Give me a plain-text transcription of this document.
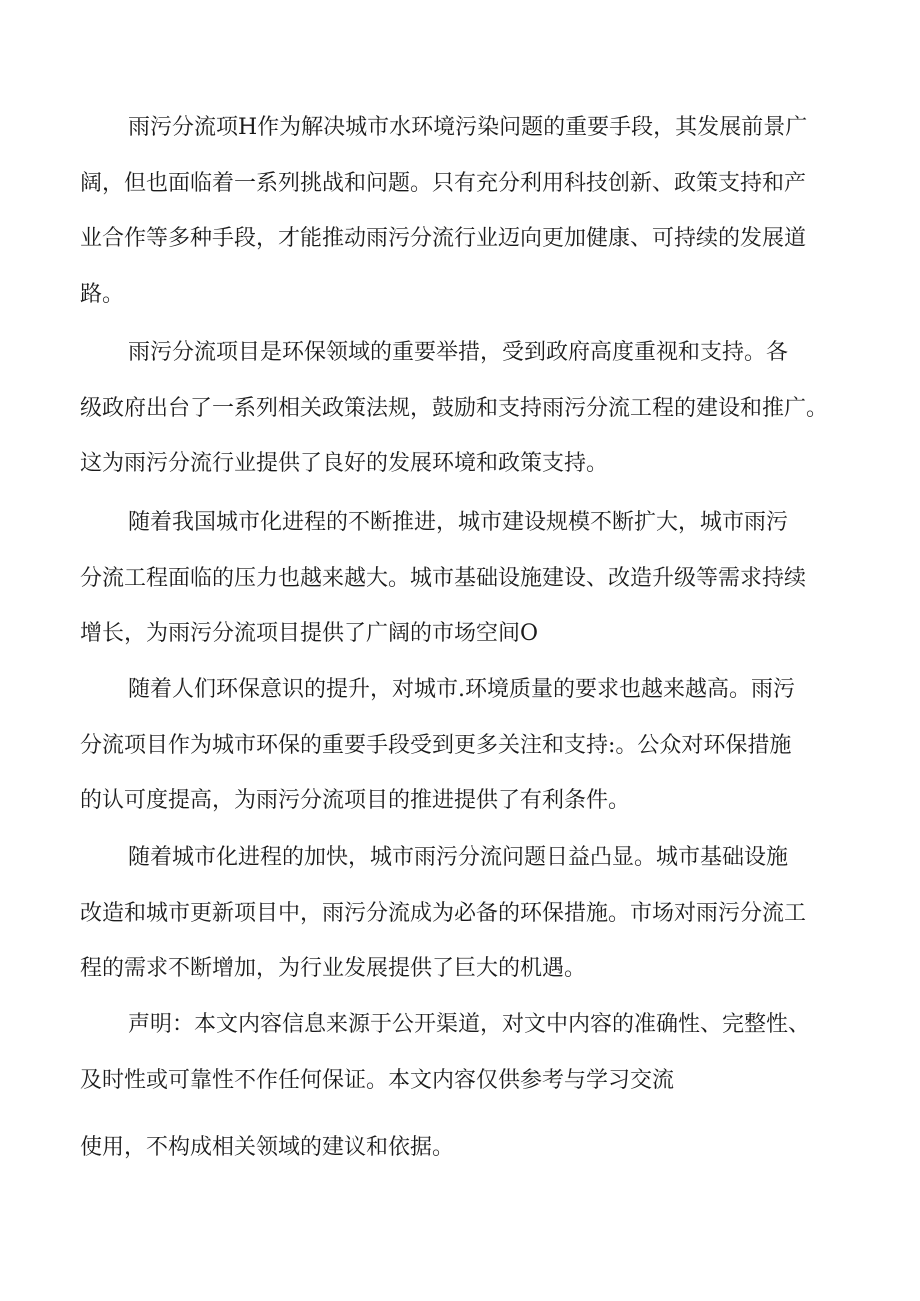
雨污分流项H作为解决城市水环境污染问题的重要手段，其发展前景广
阔，但也面临着一系列挑战和问题。只有充分利用科技创新、政策支持和产
业合作等多种手段，才能推动雨污分流行业迈向更加健康、可持续的发展道
路。

雨污分流项目是环保领域的重要举措，受到政府高度重视和支持。各
级政府出台了一系列相关政策法规，鼓励和支持雨污分流工程的建设和推广。
这为雨污分流行业提供了良好的发展环境和政策支持。

随着我国城市化进程的不断推进，城市建设规模不断扩大，城市雨污
分流工程面临的压力也越来越大。城市基础设施建设、改造升级等需求持续
增长，为雨污分流项目提供了广阔的市场空间O

随着人们环保意识的提升，对城市.环境质量的要求也越来越高。雨污
分流项目作为城市环保的重要手段受到更多关注和支持:。公众对环保措施
的认可度提高，为雨污分流项目的推进提供了有利条件。

随着城市化进程的加快，城市雨污分流问题日益凸显。城市基础设施
改造和城市更新项目中，雨污分流成为必备的环保措施。市场对雨污分流工
程的需求不断增加，为行业发展提供了巨大的机遇。

声明：本文内容信息来源于公开渠道，对文中内容的准确性、完整性、
及时性或可靠性不作任何保证。本文内容仅供参考与学习交流

使用，不构成相关领域的建议和依据。
